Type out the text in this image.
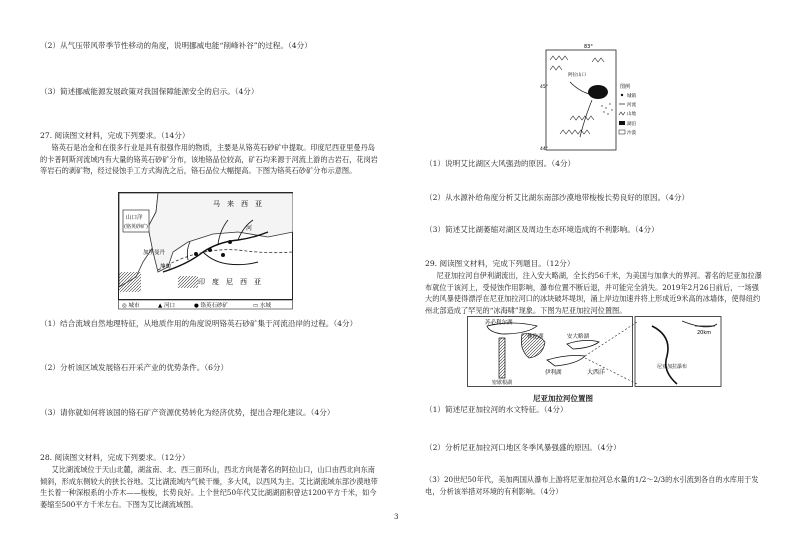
（2）从气压带风带季节性移动的角度，说明挪威电能“削峰补谷”的过程。（4分）
（3）简述挪威能源发展政策对我国保障能源安全的启示。（4分）
27. 阅读图文材料，完成下列要求。（14分）

铬英石是冶金和在很多行业是具有很强作用的物质，主要是从铬英石砂矿中提取。印度尼西亚里曼丹岛的卡普阿斯河流域内有大量的铬英石砂矿分布，该地铬品位较高，矿石均来源于河流上游的古岩石，花岗岩等岩石的剥矿物，经过侵蚀手工方式淘洗之后，铬石品位大幅提高。下图为铬英石砂矿分布示意图。

山口洋
(铬英砂矿)
马　来　西　亚
河
加里曼丹
坤甸
印　度　尼　西　亚
◎ 城市	▲ 河口	● 铬英石砂矿	▭ 水域
（1）结合流域自然地理特征，从地质作用的角度说明铬英石砂矿集于河流沿岸的过程。（4分）
（2）分析该区域发展铬石开采产业的优势条件。（6分）
（3）请你就如何将该国的铬石矿产资源优势转化为经济优势，提出合理化建议。（4分）
28. 阅读图文材料，完成下列要求。（12分）

艾比湖流域位于天山北麓，湖盆南、北、西三面环山，西北方向是著名的阿拉山口，山口由西北向东南倾斜，形成东侧较大的狭长谷地。艾比湖流域内气候干燥，多大风，以西风为主。艾比湖流域东部沙漠地带生长着一种深根系的小乔木——梭梭，长势良好。上个世纪50年代艾比湖湖面积曾达1200平方千米，如今萎缩至500平方千米左右。下图为艾比湖流域图。

3
83°
45°
44°
阿拉山口
图例
城镇
河流
山地
湖泊
沙漠
（1）说明艾比湖区大风强劲的原因。（4分）
（2）从水源补给角度分析艾比湖东南部沙漠地带梭梭长势良好的原因。（4分）
（3）简述艾比湖萎缩对湖区及周边生态环境造成的不利影响。（4分）
29. 阅读图文材料，完成下列题目。（12分）

尼亚加拉河自伊利湖流出，注入安大略湖，全长约56千米，为美国与加拿大的界河。著名的尼亚加拉瀑布就位于该河上，受侵蚀作用影响，瀑布位置不断后退，并可能完全消失。2019年2月26日前后，一场强大的风暴使得漂浮在尼亚加拉河口的冰块破坏堤坝，涌上岸边加速并将上形成近9米高的冰墙体，使得纽约州北部造成了罕见的“冰海啸”现象。下图为尼亚加拉河位置图。

苏必利尔湖
休伦湖	安大略湖
伊利湖	大西洋
密歇根湖
尼亚加拉瀑布
20km
尼亚加拉河位置图
（1）简述尼亚加拉河的水文特征。（4分）
（2）分析尼亚加拉河口地区冬季风暴强盛的原因。（4分）

（3）20世纪50年代，美加两国从瀑布上游将尼亚加拉河总水量的1/2～2/3的水引流到各自的水库用于发电，分析该举措对环境的有利影响。（4分）
